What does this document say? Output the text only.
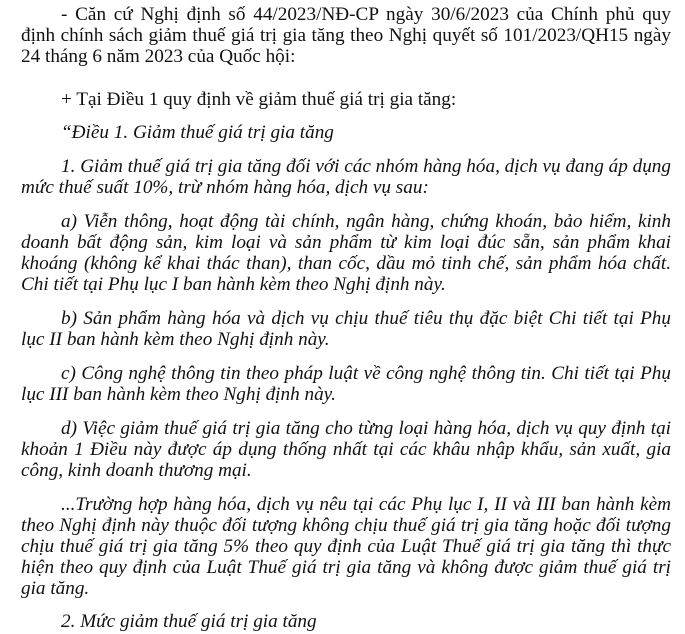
- Căn cứ Nghị định số 44/2023/NĐ-CP ngày 30/6/2023 của Chính phủ quy định chính sách giảm thuế giá trị gia tăng theo Nghị quyết số 101/2023/QH15 ngày 24 tháng 6 năm 2023 của Quốc hội:

+ Tại Điều 1 quy định về giảm thuế giá trị gia tăng:

“Điều 1. Giảm thuế giá trị gia tăng

1. Giảm thuế giá trị gia tăng đối với các nhóm hàng hóa, dịch vụ đang áp dụng mức thuế suất 10%, trừ nhóm hàng hóa, dịch vụ sau:

a) Viễn thông, hoạt động tài chính, ngân hàng, chứng khoán, bảo hiểm, kinh doanh bất động sản, kim loại và sản phẩm từ kim loại đúc sẵn, sản phẩm khai khoáng (không kể khai thác than), than cốc, dầu mỏ tinh chế, sản phẩm hóa chất. Chi tiết tại Phụ lục I ban hành kèm theo Nghị định này.

b) Sản phẩm hàng hóa và dịch vụ chịu thuế tiêu thụ đặc biệt Chi tiết tại Phụ lục II ban hành kèm theo Nghị định này.

c) Công nghệ thông tin theo pháp luật về công nghệ thông tin. Chi tiết tại Phụ lục III ban hành kèm theo Nghị định này.

d) Việc giảm thuế giá trị gia tăng cho từng loại hàng hóa, dịch vụ quy định tại khoản 1 Điều này được áp dụng thống nhất tại các khâu nhập khẩu, sản xuất, gia công, kinh doanh thương mại.

...Trường hợp hàng hóa, dịch vụ nêu tại các Phụ lục I, II và III ban hành kèm theo Nghị định này thuộc đối tượng không chịu thuế giá trị gia tăng hoặc đối tượng chịu thuế giá trị gia tăng 5% theo quy định của Luật Thuế giá trị gia tăng thì thực hiện theo quy định của Luật Thuế giá trị gia tăng và không được giảm thuế giá trị gia tăng.

2. Mức giảm thuế giá trị gia tăng
